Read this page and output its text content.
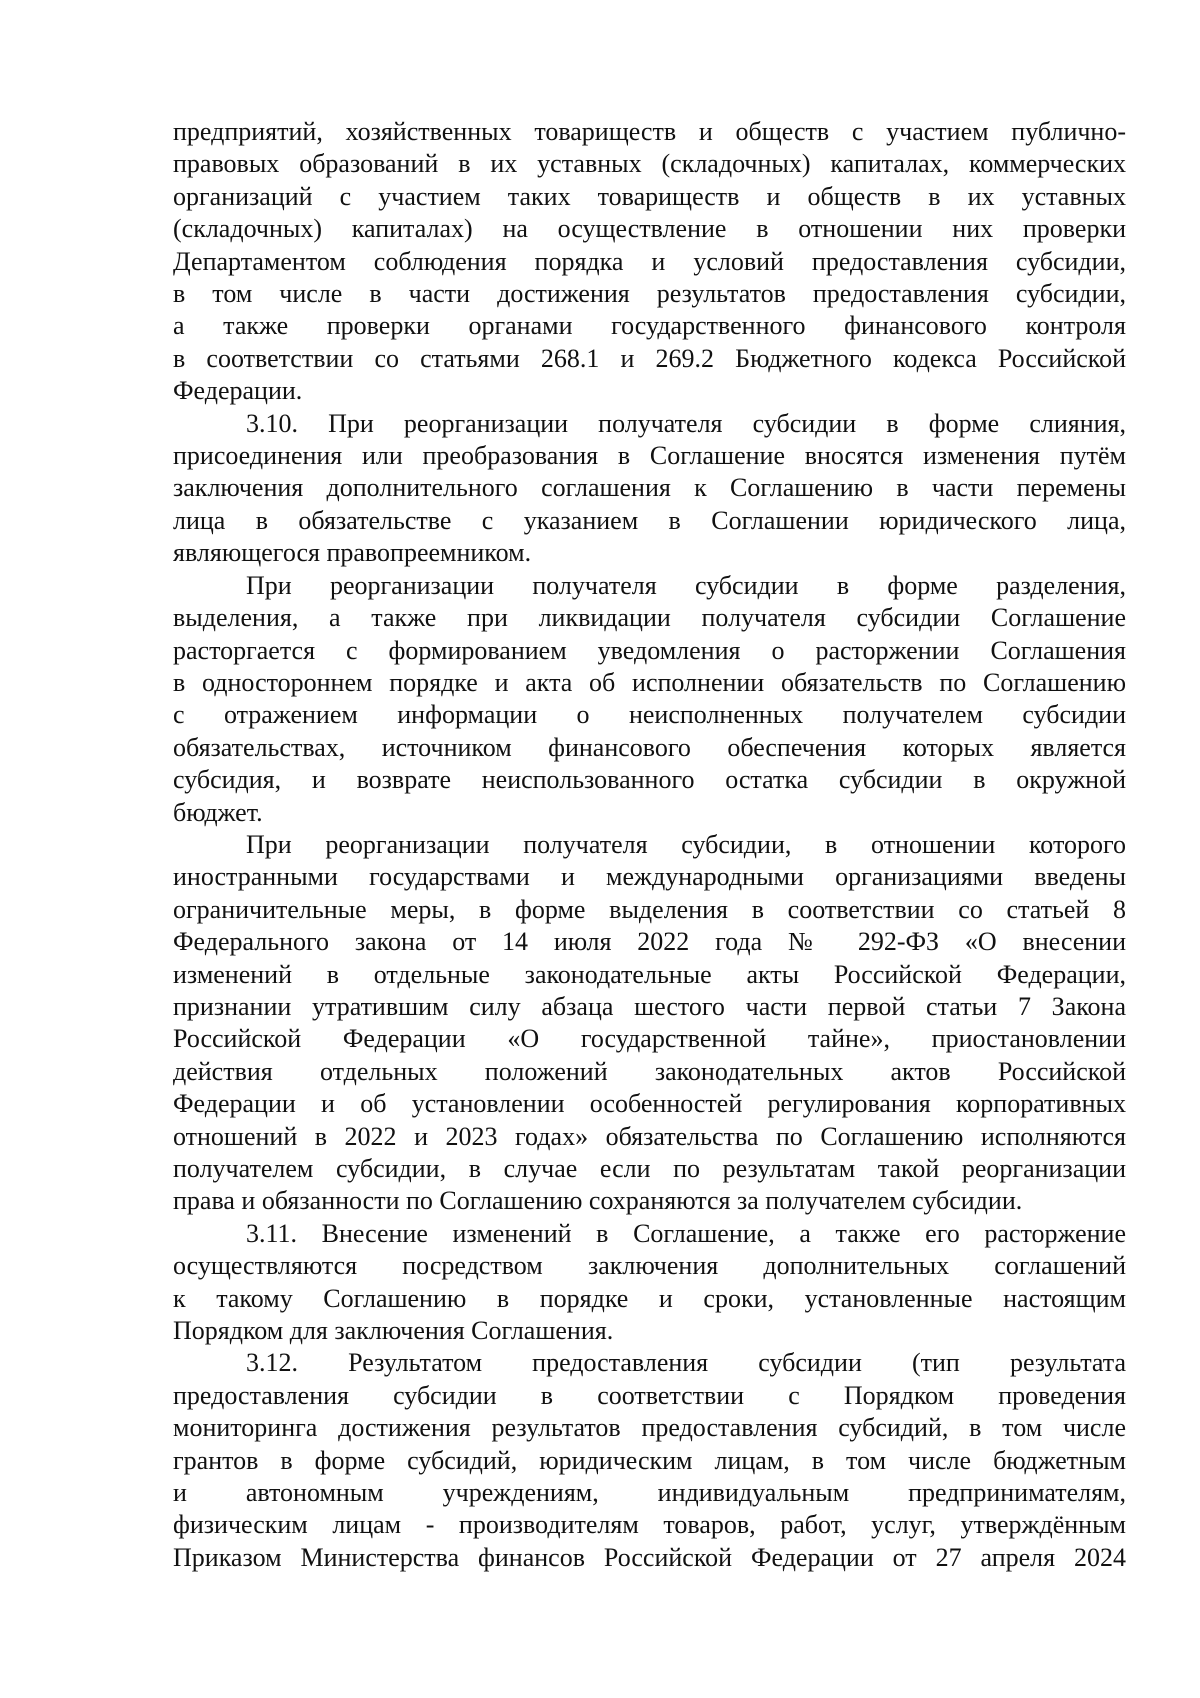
предприятий, хозяйственных товариществ и обществ с участием публично-
правовых образований в их уставных (складочных) капиталах, коммерческих
организаций с участием таких товариществ и обществ в их уставных
(складочных) капиталах) на осуществление в отношении них проверки
Департаментом соблюдения порядка и условий предоставления субсидии,
в том числе в части достижения результатов предоставления субсидии,
а также проверки органами государственного финансового контроля
в соответствии со статьями 268.1 и 269.2 Бюджетного кодекса Российской
Федерации.
3.10. При реорганизации получателя субсидии в форме слияния,
присоединения или преобразования в Соглашение вносятся изменения путём
заключения дополнительного соглашения к Соглашению в части перемены
лица в обязательстве с указанием в Соглашении юридического лица,
являющегося правопреемником.
При реорганизации получателя субсидии в форме разделения,
выделения, а также при ликвидации получателя субсидии Соглашение
расторгается с формированием уведомления о расторжении Соглашения
в одностороннем порядке и акта об исполнении обязательств по Соглашению
с отражением информации о неисполненных получателем субсидии
обязательствах, источником финансового обеспечения которых является
субсидия, и возврате неиспользованного остатка субсидии в окружной
бюджет.
При реорганизации получателя субсидии, в отношении которого
иностранными государствами и международными организациями введены
ограничительные меры, в форме выделения в соответствии со статьей 8
Федерального закона от 14 июля 2022 года № 292-ФЗ «О внесении
изменений в отдельные законодательные акты Российской Федерации,
признании утратившим силу абзаца шестого части первой статьи 7 Закона
Российской Федерации «О государственной тайне», приостановлении
действия отдельных положений законодательных актов Российской
Федерации и об установлении особенностей регулирования корпоративных
отношений в 2022 и 2023 годах» обязательства по Соглашению исполняются
получателем субсидии, в случае если по результатам такой реорганизации
права и обязанности по Соглашению сохраняются за получателем субсидии.
3.11. Внесение изменений в Соглашение, а также его расторжение
осуществляются посредством заключения дополнительных соглашений
к такому Соглашению в порядке и сроки, установленные настоящим
Порядком для заключения Соглашения.
3.12. Результатом предоставления субсидии (тип результата
предоставления субсидии в соответствии с Порядком проведения
мониторинга достижения результатов предоставления субсидий, в том числе
грантов в форме субсидий, юридическим лицам, в том числе бюджетным
и автономным учреждениям, индивидуальным предпринимателям,
физическим лицам - производителям товаров, работ, услуг, утверждённым
Приказом Министерства финансов Российской Федерации от 27 апреля 2024
